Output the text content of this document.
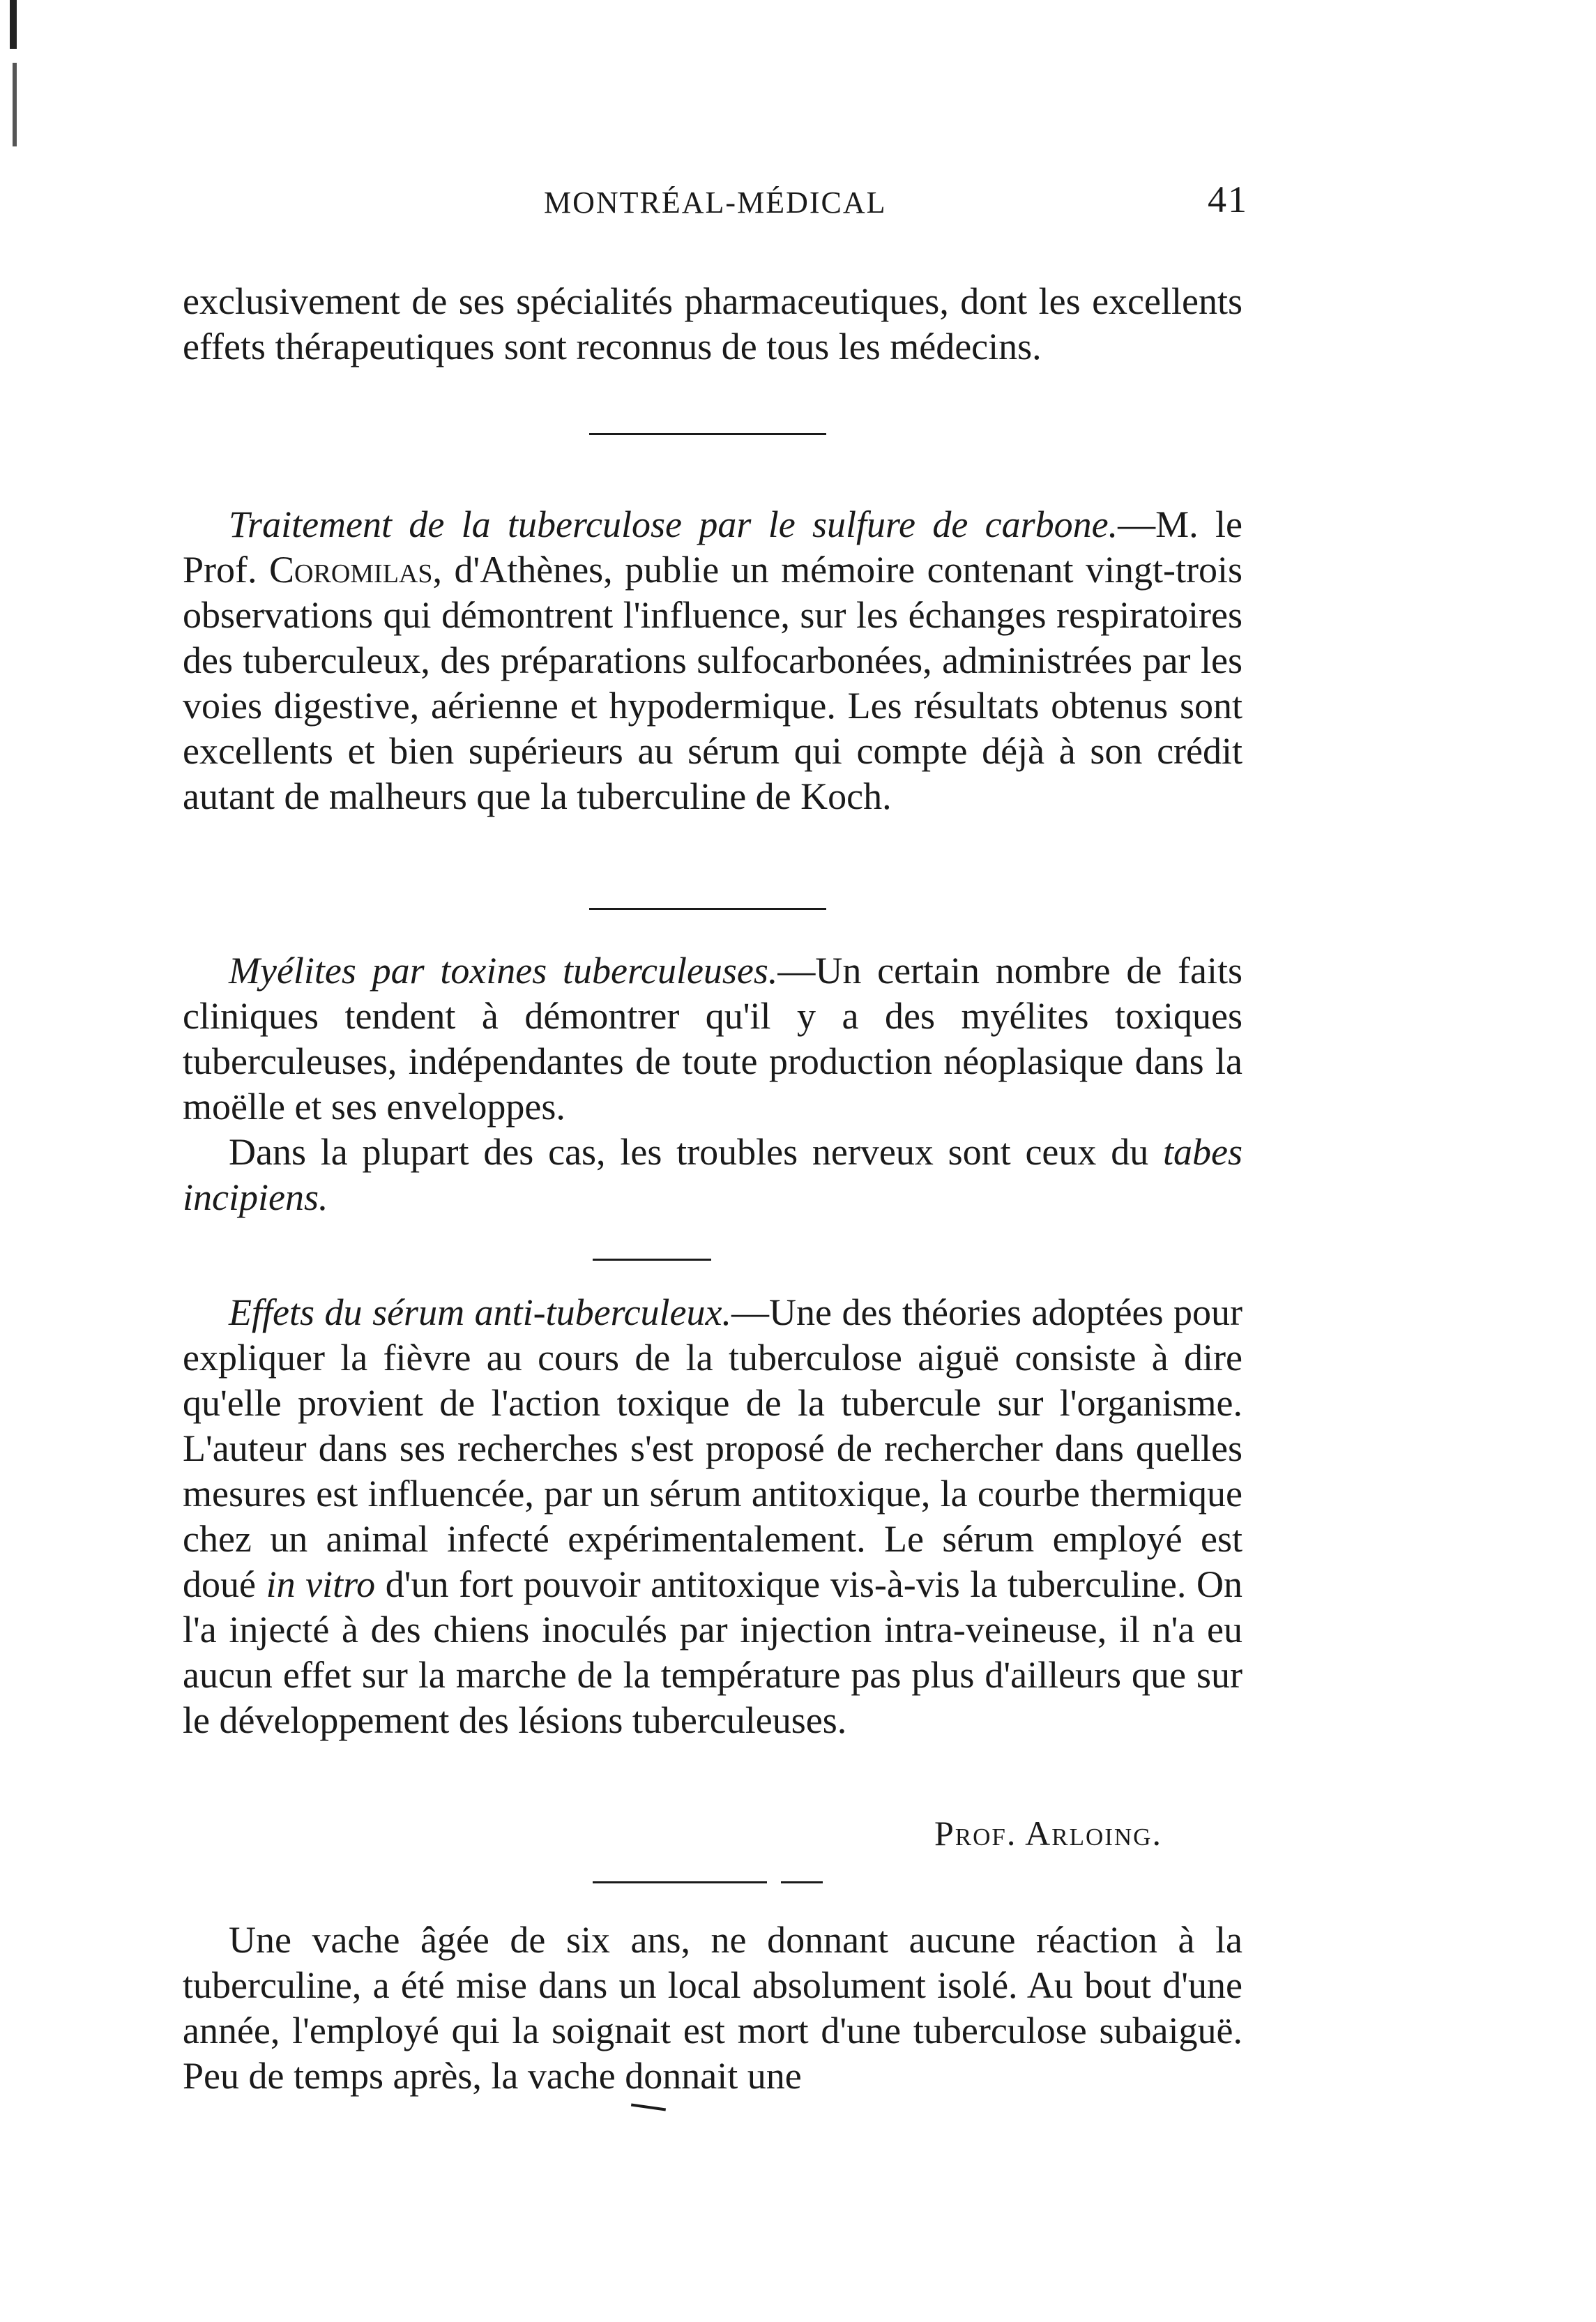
MONTRÉAL-MÉDICAL	41

exclusivement de ses spécialités pharmaceutiques, dont les excellents effets thérapeutiques sont reconnus de tous les médecins.

Traitement de la tuberculose par le sulfure de carbone.—M. le Prof. Coromilas, d'Athènes, publie un mémoire contenant vingt-trois observations qui démontrent l'influence, sur les échanges respiratoires des tuberculeux, des préparations sulfocarbonées, administrées par les voies digestive, aérienne et hypodermique. Les résultats obtenus sont excellents et bien supérieurs au sérum qui compte déjà à son crédit autant de malheurs que la tuberculine de Koch.

Myélites par toxines tuberculeuses.—Un certain nombre de faits cliniques tendent à démontrer qu'il y a des myélites toxiques tuberculeuses, indépendantes de toute production néoplasique dans la moëlle et ses enveloppes.

Dans la plupart des cas, les troubles nerveux sont ceux du tabes incipiens.

Effets du sérum anti-tuberculeux.—Une des théories adoptées pour expliquer la fièvre au cours de la tuberculose aiguë consiste à dire qu'elle provient de l'action toxique de la tubercule sur l'organisme. L'auteur dans ses recherches s'est proposé de rechercher dans quelles mesures est influencée, par un sérum antitoxique, la courbe thermique chez un animal infecté expérimentalement. Le sérum employé est doué in vitro d'un fort pouvoir antitoxique vis-à-vis la tuberculine. On l'a injecté à des chiens inoculés par injection intra-veineuse, il n'a eu aucun effet sur la marche de la température pas plus d'ailleurs que sur le développement des lésions tuberculeuses.

Prof. Arloing.

Une vache âgée de six ans, ne donnant aucune réaction à la tuberculine, a été mise dans un local absolument isolé. Au bout d'une année, l'employé qui la soignait est mort d'une tuberculose subaiguë. Peu de temps après, la vache donnait une
